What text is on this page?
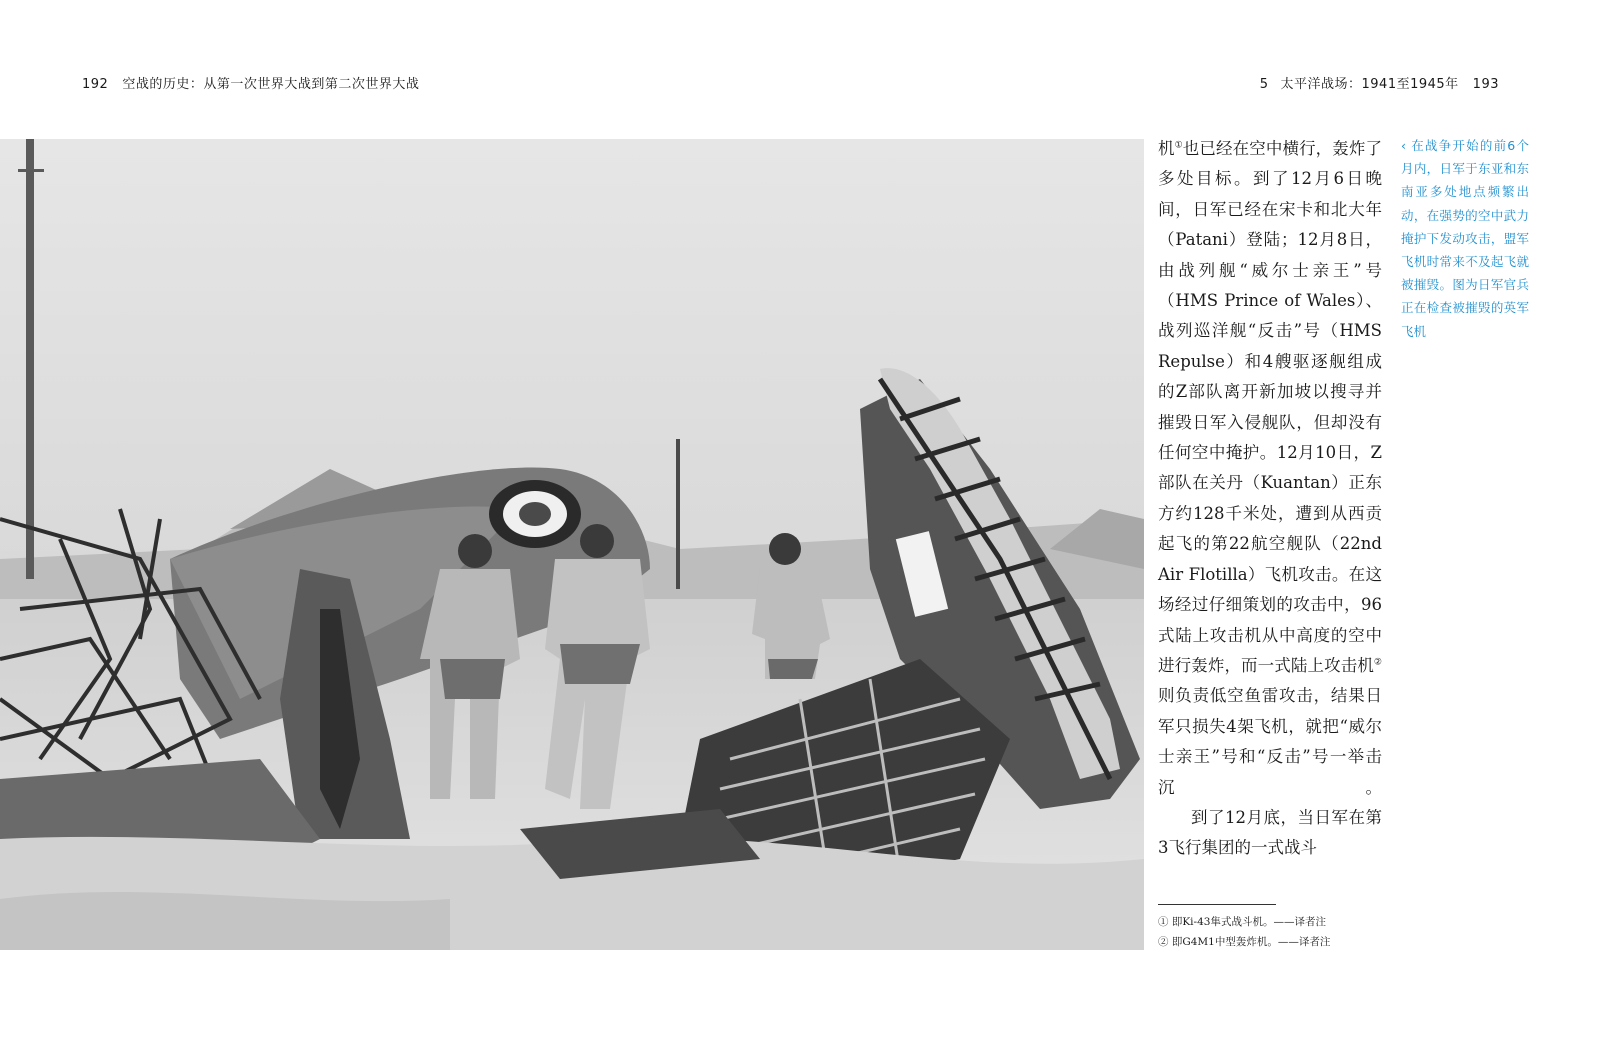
192 空战的历史：从第一次世界大战到第二次世界大战	5 太平洋战场：1941至1945年 193

机①也已经在空中横行，轰炸了多处目标。到了12月6日晚间，日军已经在宋卡和北大年（Patani）登陆；12月8日，由战列舰“威尔士亲王”号（HMS Prince of Wales）、战列巡洋舰“反击”号（HMS Repulse）和4艘驱逐舰组成的Z部队离开新加坡以搜寻并摧毁日军入侵舰队，但却没有任何空中掩护。12月10日，Z部队在关丹（Kuantan）正东方约128千米处，遭到从西贡起飞的第22航空舰队（22nd Air Flotilla）飞机攻击。在这场经过仔细策划的攻击中，96式陆上攻击机从中高度的空中进行轰炸，而一式陆上攻击机②则负责低空鱼雷攻击，结果日军只损失4架飞机，就把“威尔士亲王”号和“反击”号一举击沉。

到了12月底，当日军在第3飞行集团的一式战斗

① 即Ki-43隼式战斗机。——译者注
② 即G4M1中型轰炸机。——译者注
‹ 在战争开始的前6个月内，日军于东亚和东南亚多处地点频繁出动，在强势的空中武力掩护下发动攻击，盟军飞机时常来不及起飞就被摧毁。图为日军官兵正在检查被摧毁的英军飞机
